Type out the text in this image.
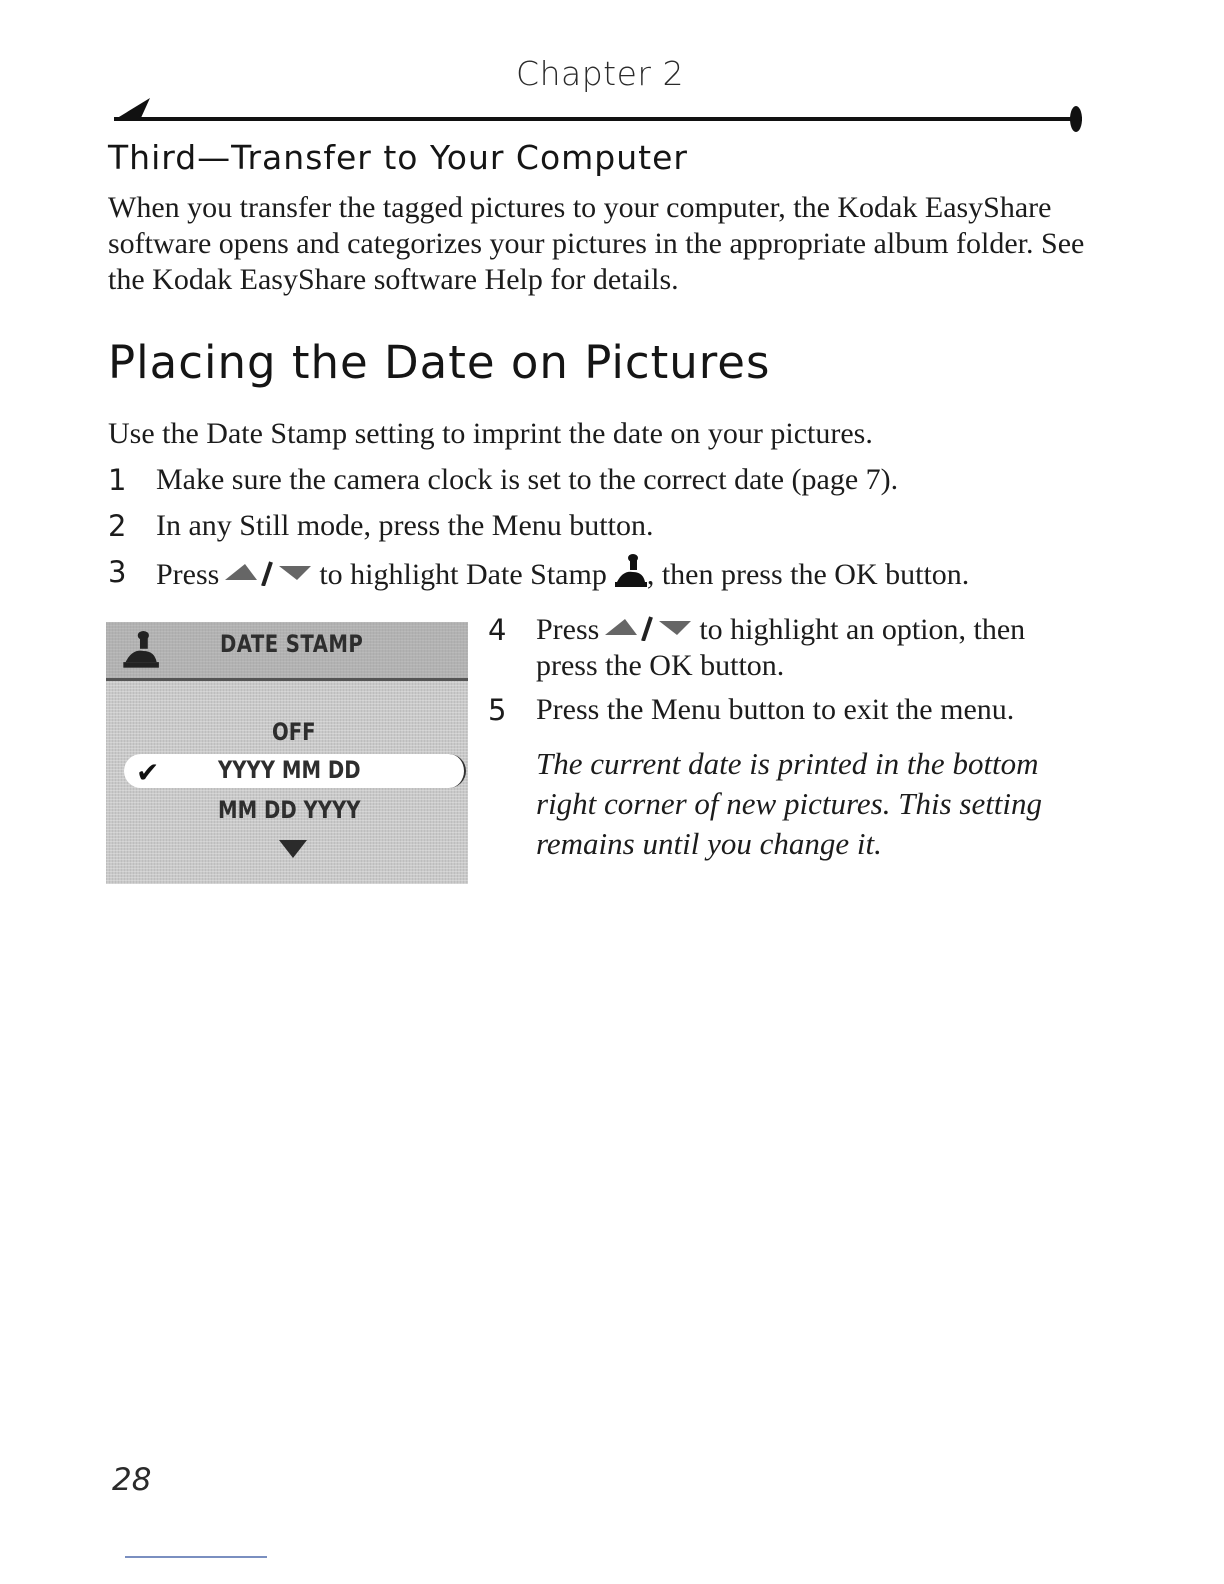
Chapter 2
Third—Transfer to Your Computer

When you transfer the tagged pictures to your computer, the Kodak EasyShare software opens and categorizes your pictures in the appropriate album folder. See the Kodak EasyShare software Help for details.

Placing the Date on Pictures

Use the Date Stamp setting to imprint the date on your pictures.

1 Make sure the camera clock is set to the correct date (page 7).
2 In any Still mode, press the Menu button.
3 Press	to highlight Date Stamp , then press the OK button.
DATE STAMP
OFF
✔ YYYY MM DD
MM DD YYYY
4 Press	to highlight an option, then press the OK button.
5 Press the Menu button to exit the menu.

The current date is printed in the bottom right corner of new pictures. This setting remains until you change it.

28
